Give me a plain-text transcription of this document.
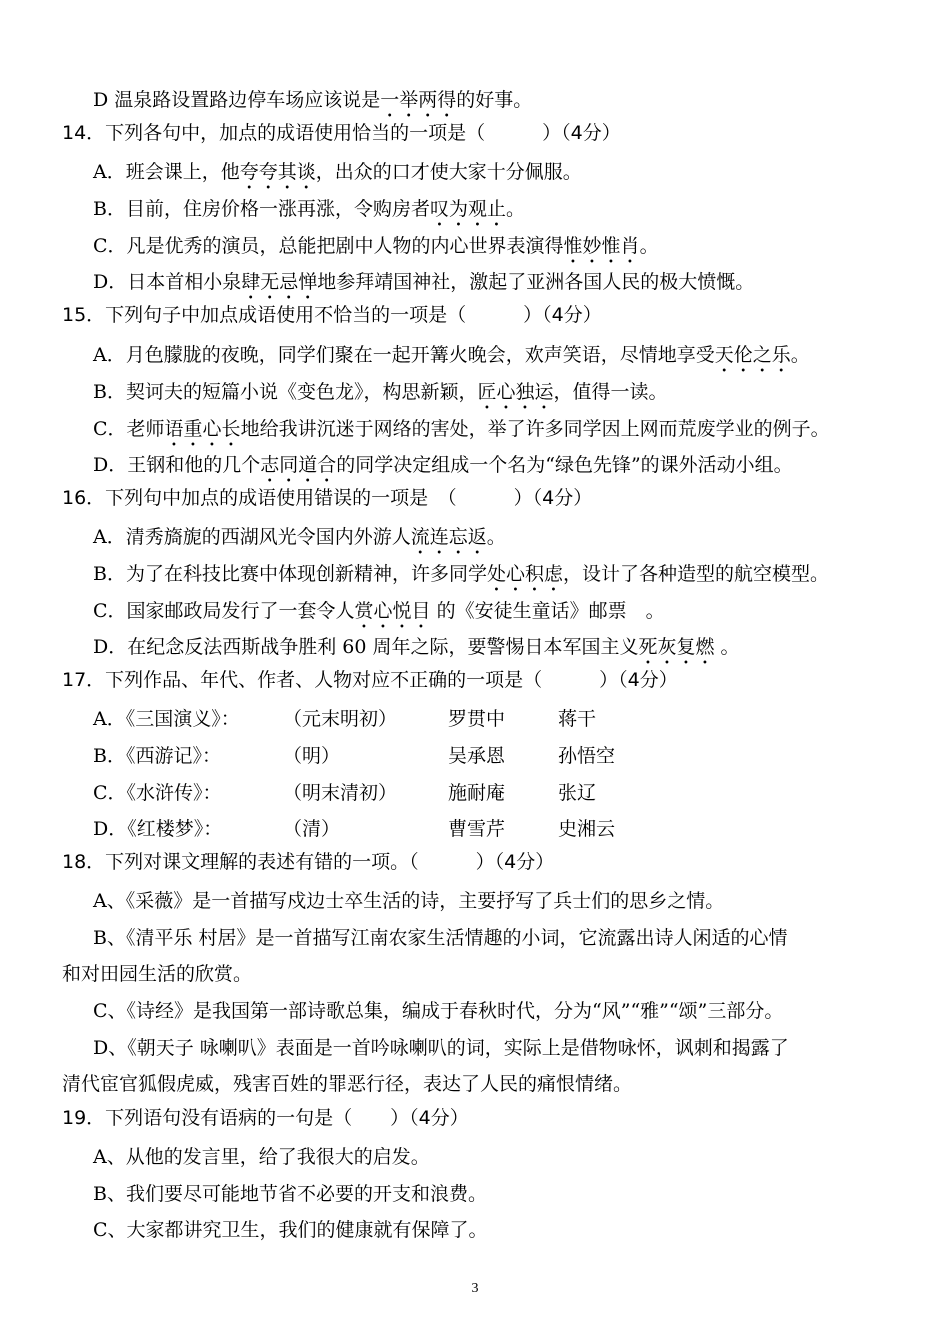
D 温泉路设置路边停车场应该说是一举两得的好事。
14．下列各句中，加点的成语使用恰当的一项是（　　　）（4分）
A．班会课上，他夸夸其谈，出众的口才使大家十分佩服。
B．目前，住房价格一涨再涨，令购房者叹为观止。
C．凡是优秀的演员，总能把剧中人物的内心世界表演得惟妙惟肖。
D．日本首相小泉肆无忌惮地参拜靖国神社，激起了亚洲各国人民的极大愤慨。
15．下列句子中加点成语使用不恰当的一项是（　　　）（4分）
A．月色朦胧的夜晚，同学们聚在一起开篝火晚会，欢声笑语，尽情地享受天伦之乐。
B．契诃夫的短篇小说《变色龙》，构思新颖，匠心独运，值得一读。
C．老师语重心长地给我讲沉迷于网络的害处，举了许多同学因上网而荒废学业的例子。
D．王钢和他的几个志同道合的同学决定组成一个名为“绿色先锋”的课外活动小组。
16．下列句中加点的成语使用错误的一项是　（　　　）（4分）
A．清秀旖旎的西湖风光令国内外游人流连忘返。
B．为了在科技比赛中体现创新精神，许多同学处心积虑，设计了各种造型的航空模型。
C．国家邮政局发行了一套令人赏心悦目 的《安徒生童话》邮票　。
D．在纪念反法西斯战争胜利 60 周年之际，要警惕日本军国主义死灰复燃 。
17．下列作品、年代、作者、人物对应不正确的一项是（　　　）（4分）
A．《三国演义》： （元末明初）	罗贯中	蒋干
B．《西游记》：	（明）	吴承恩	孙悟空
C．《水浒传》：	（明末清初）	施耐庵	张辽
D．《红楼梦》：	（清）	曹雪芹	史湘云
18．下列对课文理解的表述有错的一项。（　　　）（4分）
A、《采薇》是一首描写戍边士卒生活的诗，主要抒写了兵士们的思乡之情。
B、《清平乐 村居》是一首描写江南农家生活情趣的小词，它流露出诗人闲适的心情
和对田园生活的欣赏。
C、《诗经》是我国第一部诗歌总集，编成于春秋时代，分为“风”“雅”“颂”三部分。
D、《朝天子 咏喇叭》表面是一首吟咏喇叭的词，实际上是借物咏怀，讽刺和揭露了
清代宦官狐假虎威，残害百姓的罪恶行径，表达了人民的痛恨情绪。
19．下列语句没有语病的一句是（　　）（4分）
A、从他的发言里，给了我很大的启发。
B、我们要尽可能地节省不必要的开支和浪费。
C、大家都讲究卫生，我们的健康就有保障了。
3
